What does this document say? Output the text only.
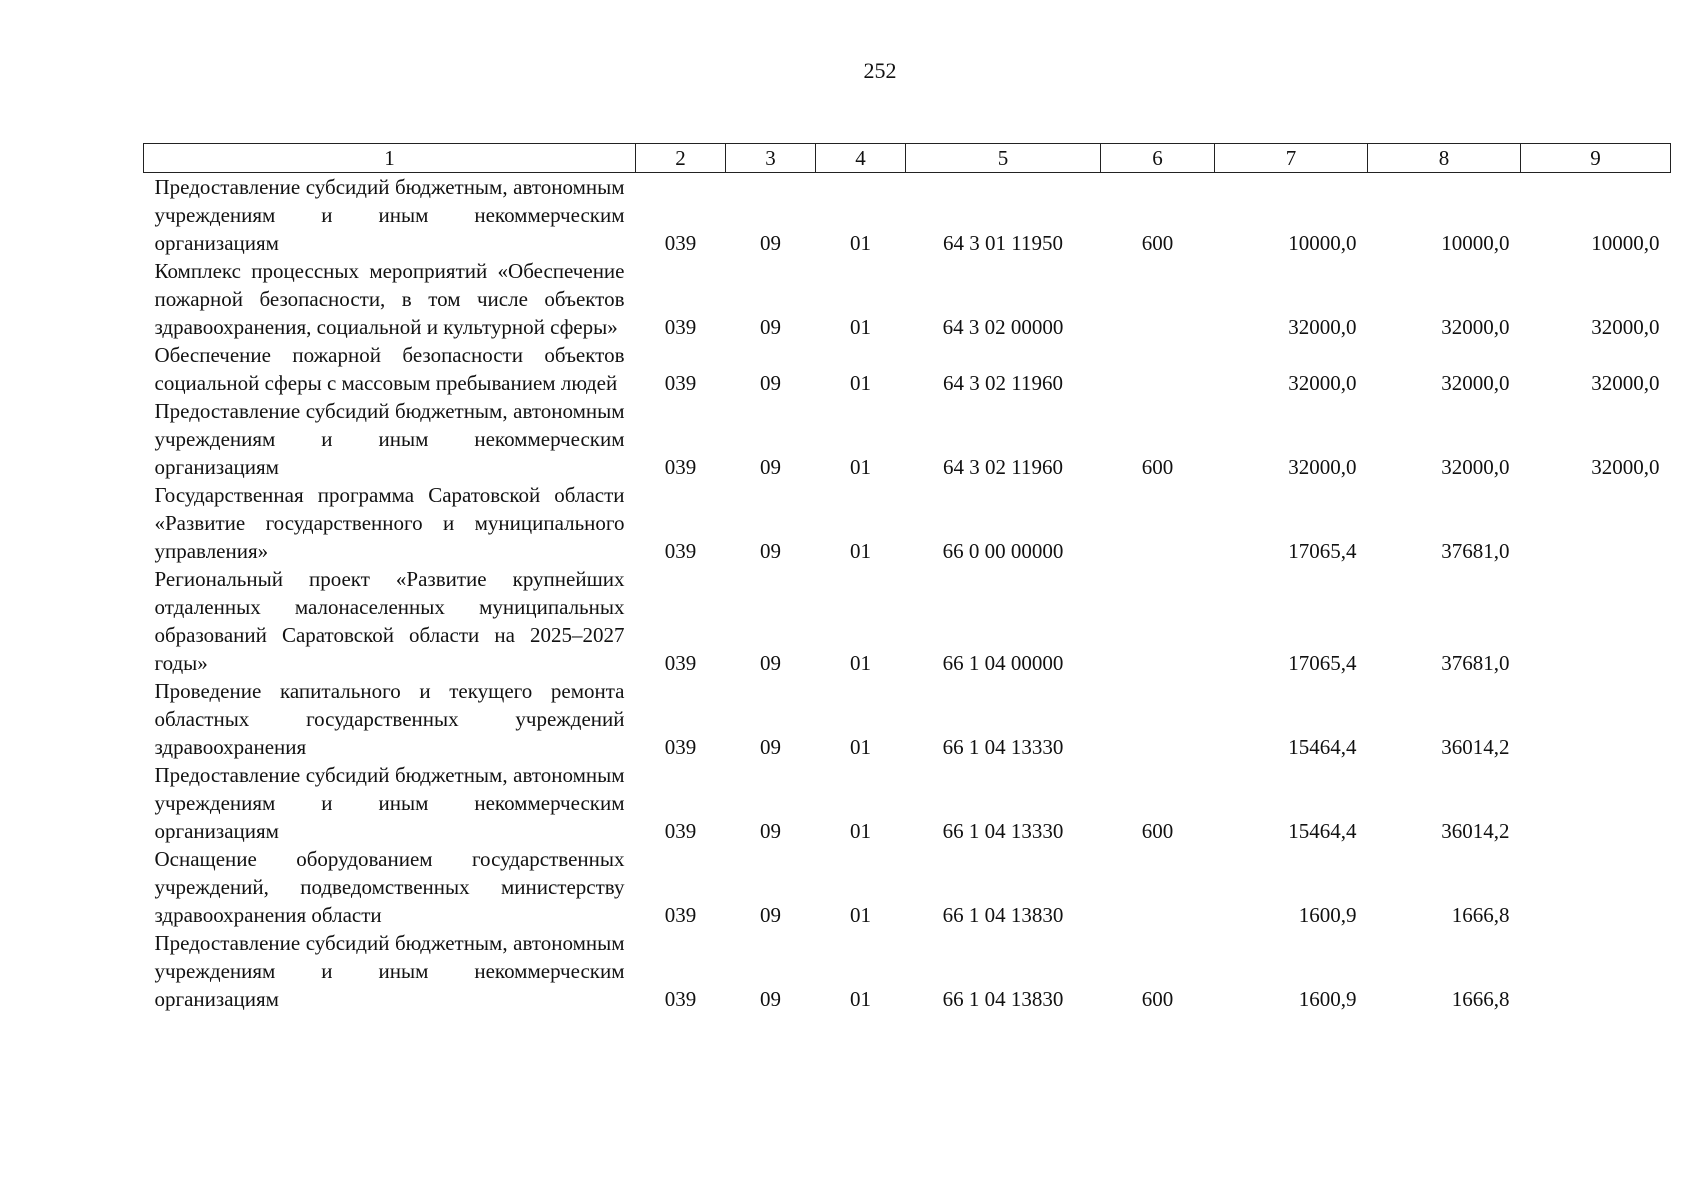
252
1	2	3	4	5	6	7	8	9
Предоставление субсидий бюджетным, автономным учреждениям и иным некоммерческим организациям	039	09	01	64 3 01 11950	600	10000,0	10000,0	10000,0
Комплекс процессных мероприятий «Обеспечение пожарной безопасности, в том числе объектов здравоохранения, социальной и культурной сферы»	039	09	01	64 3 02 00000		32000,0	32000,0	32000,0
Обеспечение пожарной безопасности объектов социальной сферы с массовым пребыванием людей	039	09	01	64 3 02 11960		32000,0	32000,0	32000,0
Предоставление субсидий бюджетным, автономным учреждениям и иным некоммерческим организациям	039	09	01	64 3 02 11960	600	32000,0	32000,0	32000,0
Государственная программа Саратовской области «Развитие государственного и муниципального управления»	039	09	01	66 0 00 00000		17065,4	37681,0	
Региональный проект «Развитие крупнейших отдаленных малонаселенных муниципальных образований Саратовской области на 2025–2027 годы»	039	09	01	66 1 04 00000		17065,4	37681,0	
Проведение капитального и текущего ремонта областных государственных учреждений здравоохранения	039	09	01	66 1 04 13330		15464,4	36014,2	
Предоставление субсидий бюджетным, автономным учреждениям и иным некоммерческим организациям	039	09	01	66 1 04 13330	600	15464,4	36014,2	
Оснащение оборудованием государственных учреждений, подведомственных министерству здравоохранения области	039	09	01	66 1 04 13830		1600,9	1666,8	
Предоставление субсидий бюджетным, автономным учреждениям и иным некоммерческим организациям	039	09	01	66 1 04 13830	600	1600,9	1666,8	
